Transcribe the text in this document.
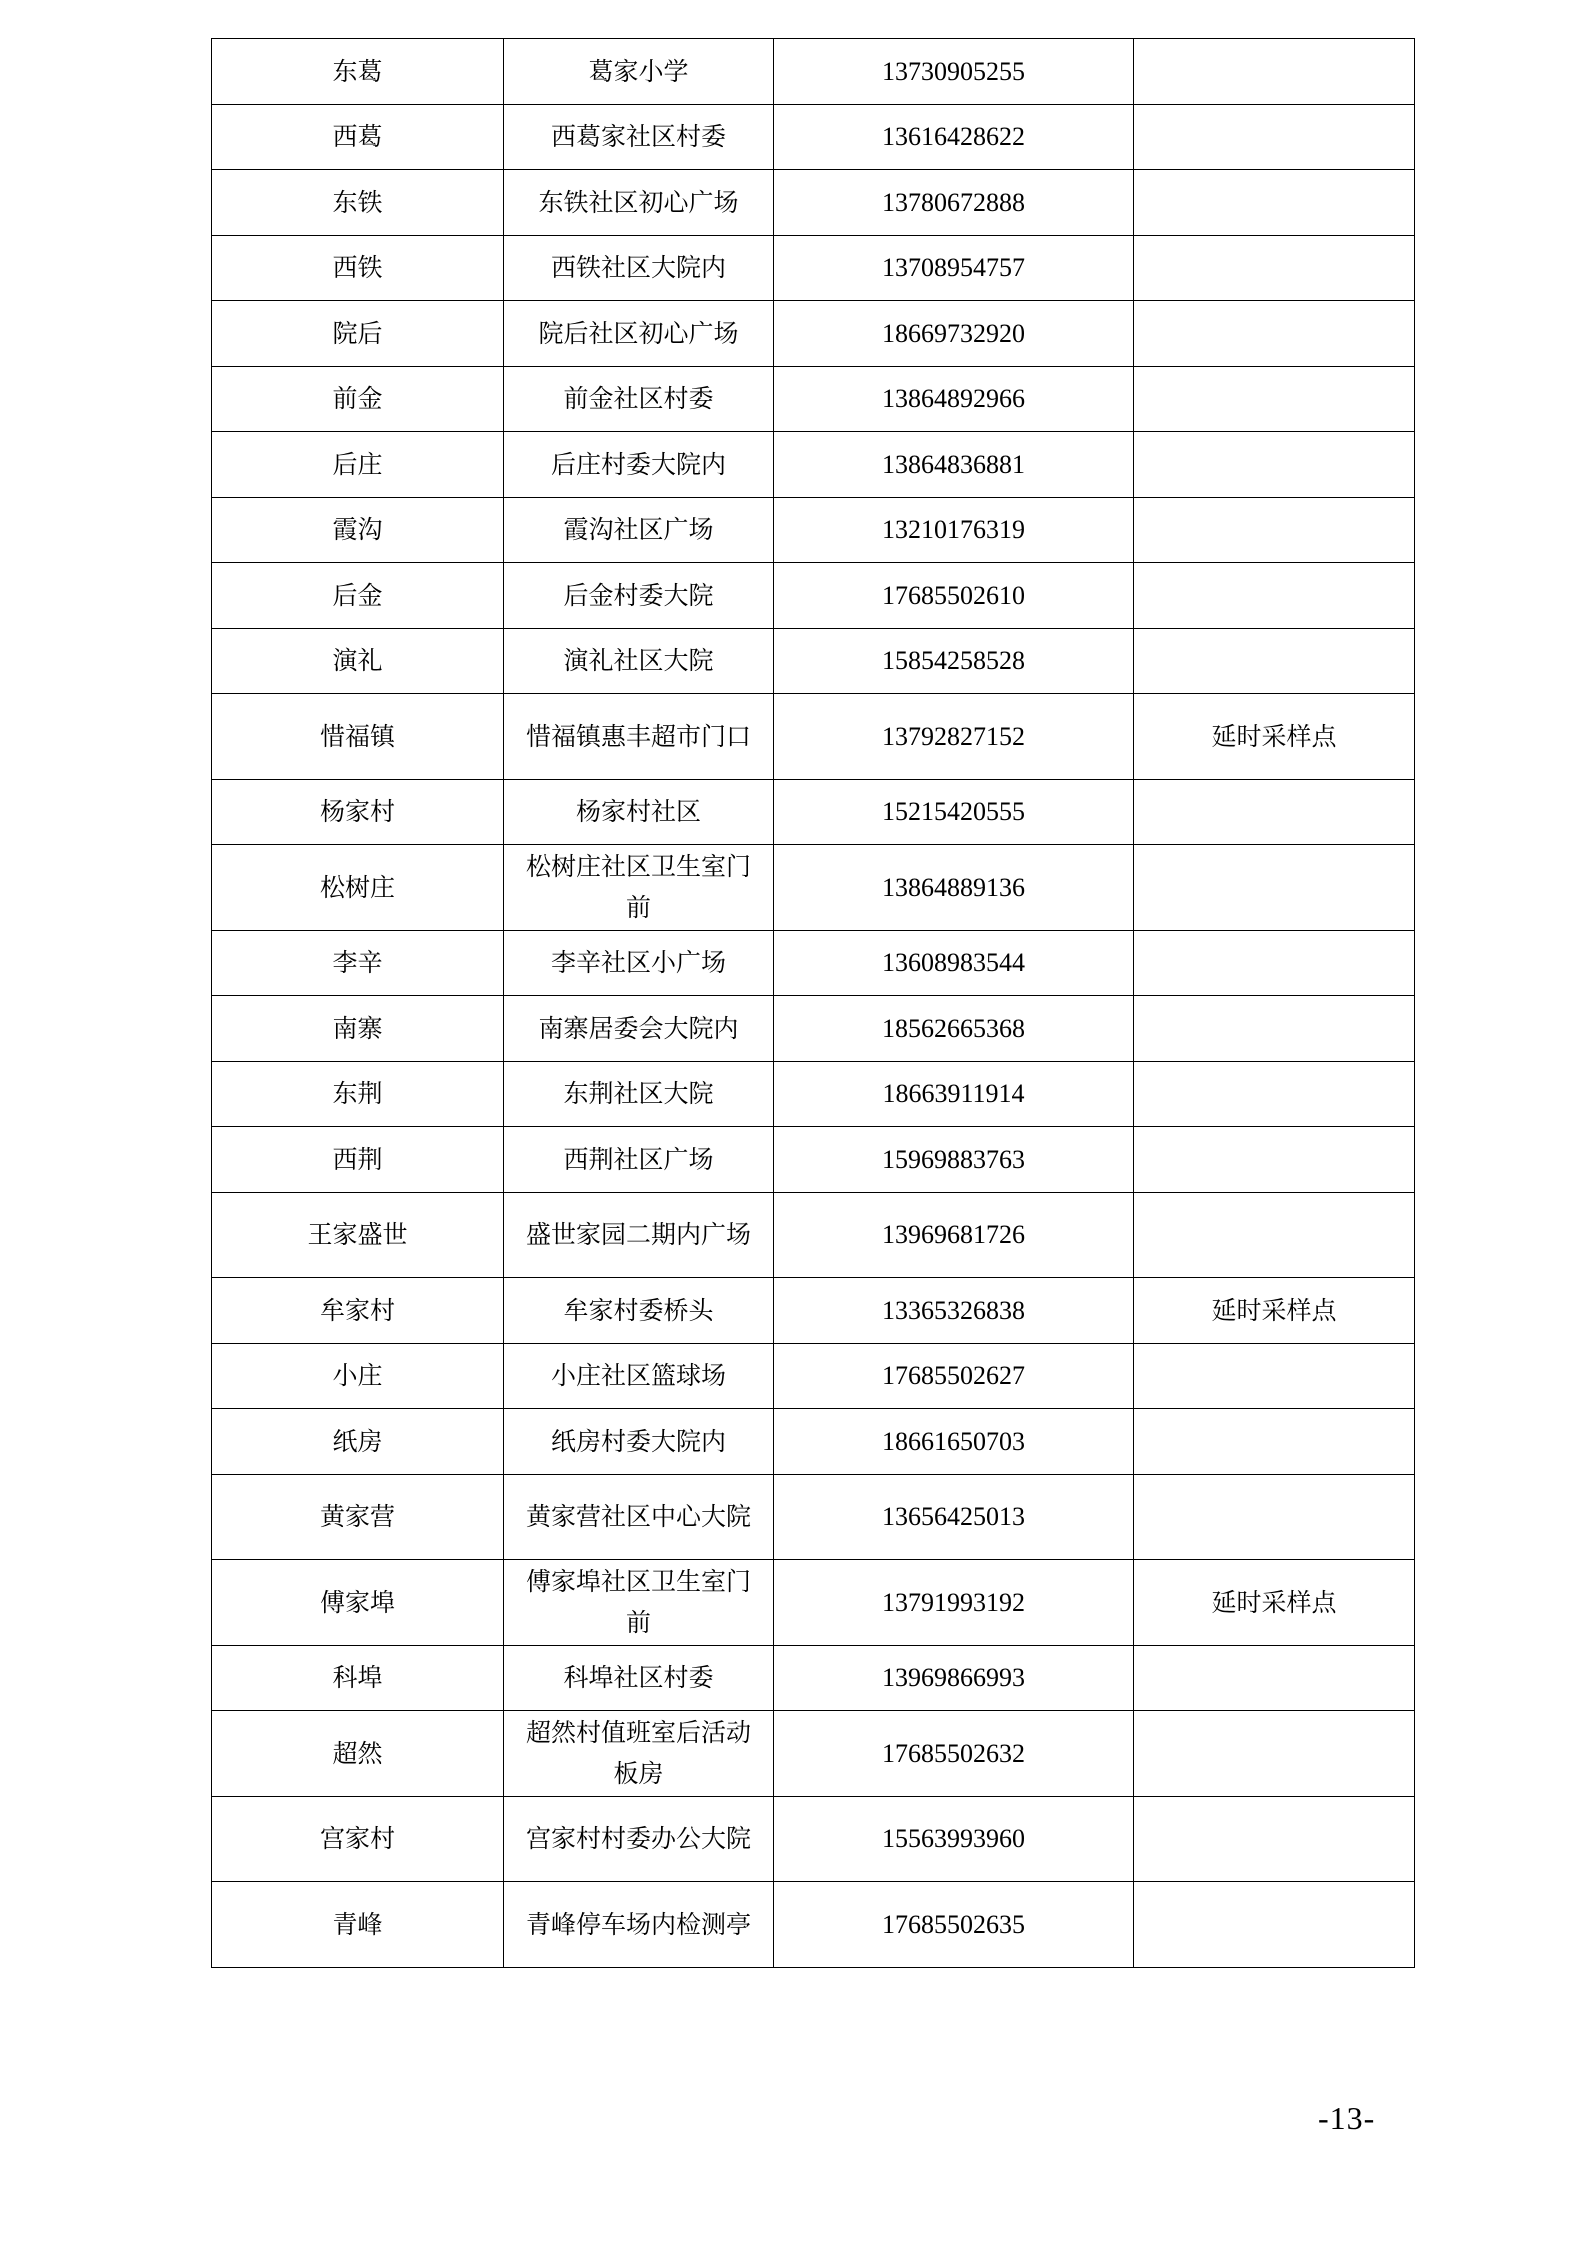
东葛	葛家小学	13730905255	
西葛	西葛家社区村委	13616428622	
东铁	东铁社区初心广场	13780672888	
西铁	西铁社区大院内	13708954757	
院后	院后社区初心广场	18669732920	
前金	前金社区村委	13864892966	
后庄	后庄村委大院内	13864836881	
霞沟	霞沟社区广场	13210176319	
后金	后金村委大院	17685502610	
演礼	演礼社区大院	15854258528	
惜福镇	惜福镇惠丰超市门口	13792827152	延时采样点
杨家村	杨家村社区	15215420555	
松树庄	松树庄社区卫生室门前	13864889136	
李辛	李辛社区小广场	13608983544	
南寨	南寨居委会大院内	18562665368	
东荆	东荆社区大院	18663911914	
西荆	西荆社区广场	15969883763	
王家盛世	盛世家园二期内广场	13969681726	
牟家村	牟家村委桥头	13365326838	延时采样点
小庄	小庄社区篮球场	17685502627	
纸房	纸房村委大院内	18661650703	
黄家营	黄家营社区中心大院	13656425013	
傅家埠	傅家埠社区卫生室门前	13791993192	延时采样点
科埠	科埠社区村委	13969866993	
超然	超然村值班室后活动板房	17685502632	
宫家村	宫家村村委办公大院	15563993960	
青峰	青峰停车场内检测亭	17685502635	
-13-
